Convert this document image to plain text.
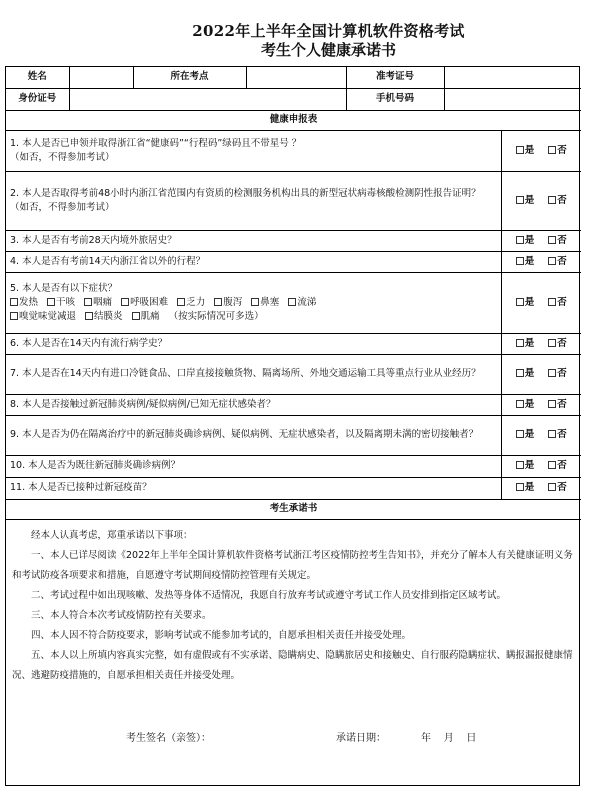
2022年上半年全国计算机软件资格考试
考生个人健康承诺书
姓名		所在考点		准考证号		
身份证号				手机号码		
健康申报表						
1. 本人是否已申领并取得浙江省“健康码”“行程码”绿码且不带星号 ？
（如否，不得参加考试）						是 否
2. 本人是否取得考前48小时内浙江省范围内有资质的检测服务机构出具的新型冠状病毒核酸检测阴性报告证明？
（如否，不得参加考试）						是 否
3. 本人是否有考前28天内境外旅居史？						是 否
4. 本人是否有考前14天内浙江省以外的行程？						是 否
5. 本人是否有以下症状？
发热 干咳 咽痛 呼吸困难 乏力 腹泻 鼻塞 流涕
嗅觉味觉减退 结膜炎 肌痛 （按实际情况可多选）						是 否
6. 本人是否在14天内有流行病学史？						是 否
7. 本人是否在14天内有进口冷链食品、口岸直接接触货物、隔离场所、外地交通运输工具等重点行业从业经历？						是 否
8. 本人是否接触过新冠肺炎病例/疑似病例/已知无症状感染者？						是 否
9. 本人是否为仍在隔离治疗中的新冠肺炎确诊病例、疑似病例、无症状感染者，以及隔离期未满的密切接触者？						是 否
10. 本人是否为既往新冠肺炎确诊病例？						是 否
11. 本人是否已接种过新冠疫苗？						是 否
考生承诺书						

经本人认真考虑，郑重承诺以下事项：

一、本人已详尽阅读《2022年上半年全国计算机软件资格考试浙江考区疫情防控考生告知书》，并充分了解本人有关健康证明义务和考试防疫各项要求和措施，自愿遵守考试期间疫情防控管理有关规定。

二、考试过程中如出现咳嗽、发热等身体不适情况，我愿自行放弃考试或遵守考试工作人员安排到指定区域考试。

三、本人符合本次考试疫情防控有关要求。

四、本人因不符合防疫要求，影响考试或不能参加考试的，自愿承担相关责任并接受处理。

五、本人以上所填内容真实完整，如有虚假或有不实承诺、隐瞒病史、隐瞒旅居史和接触史、自行服药隐瞒症状、瞒报漏报健康情况、逃避防疫措施的，自愿承担相关责任并接受处理。

考生签名（亲签）：	承诺日期：	年    月    日
